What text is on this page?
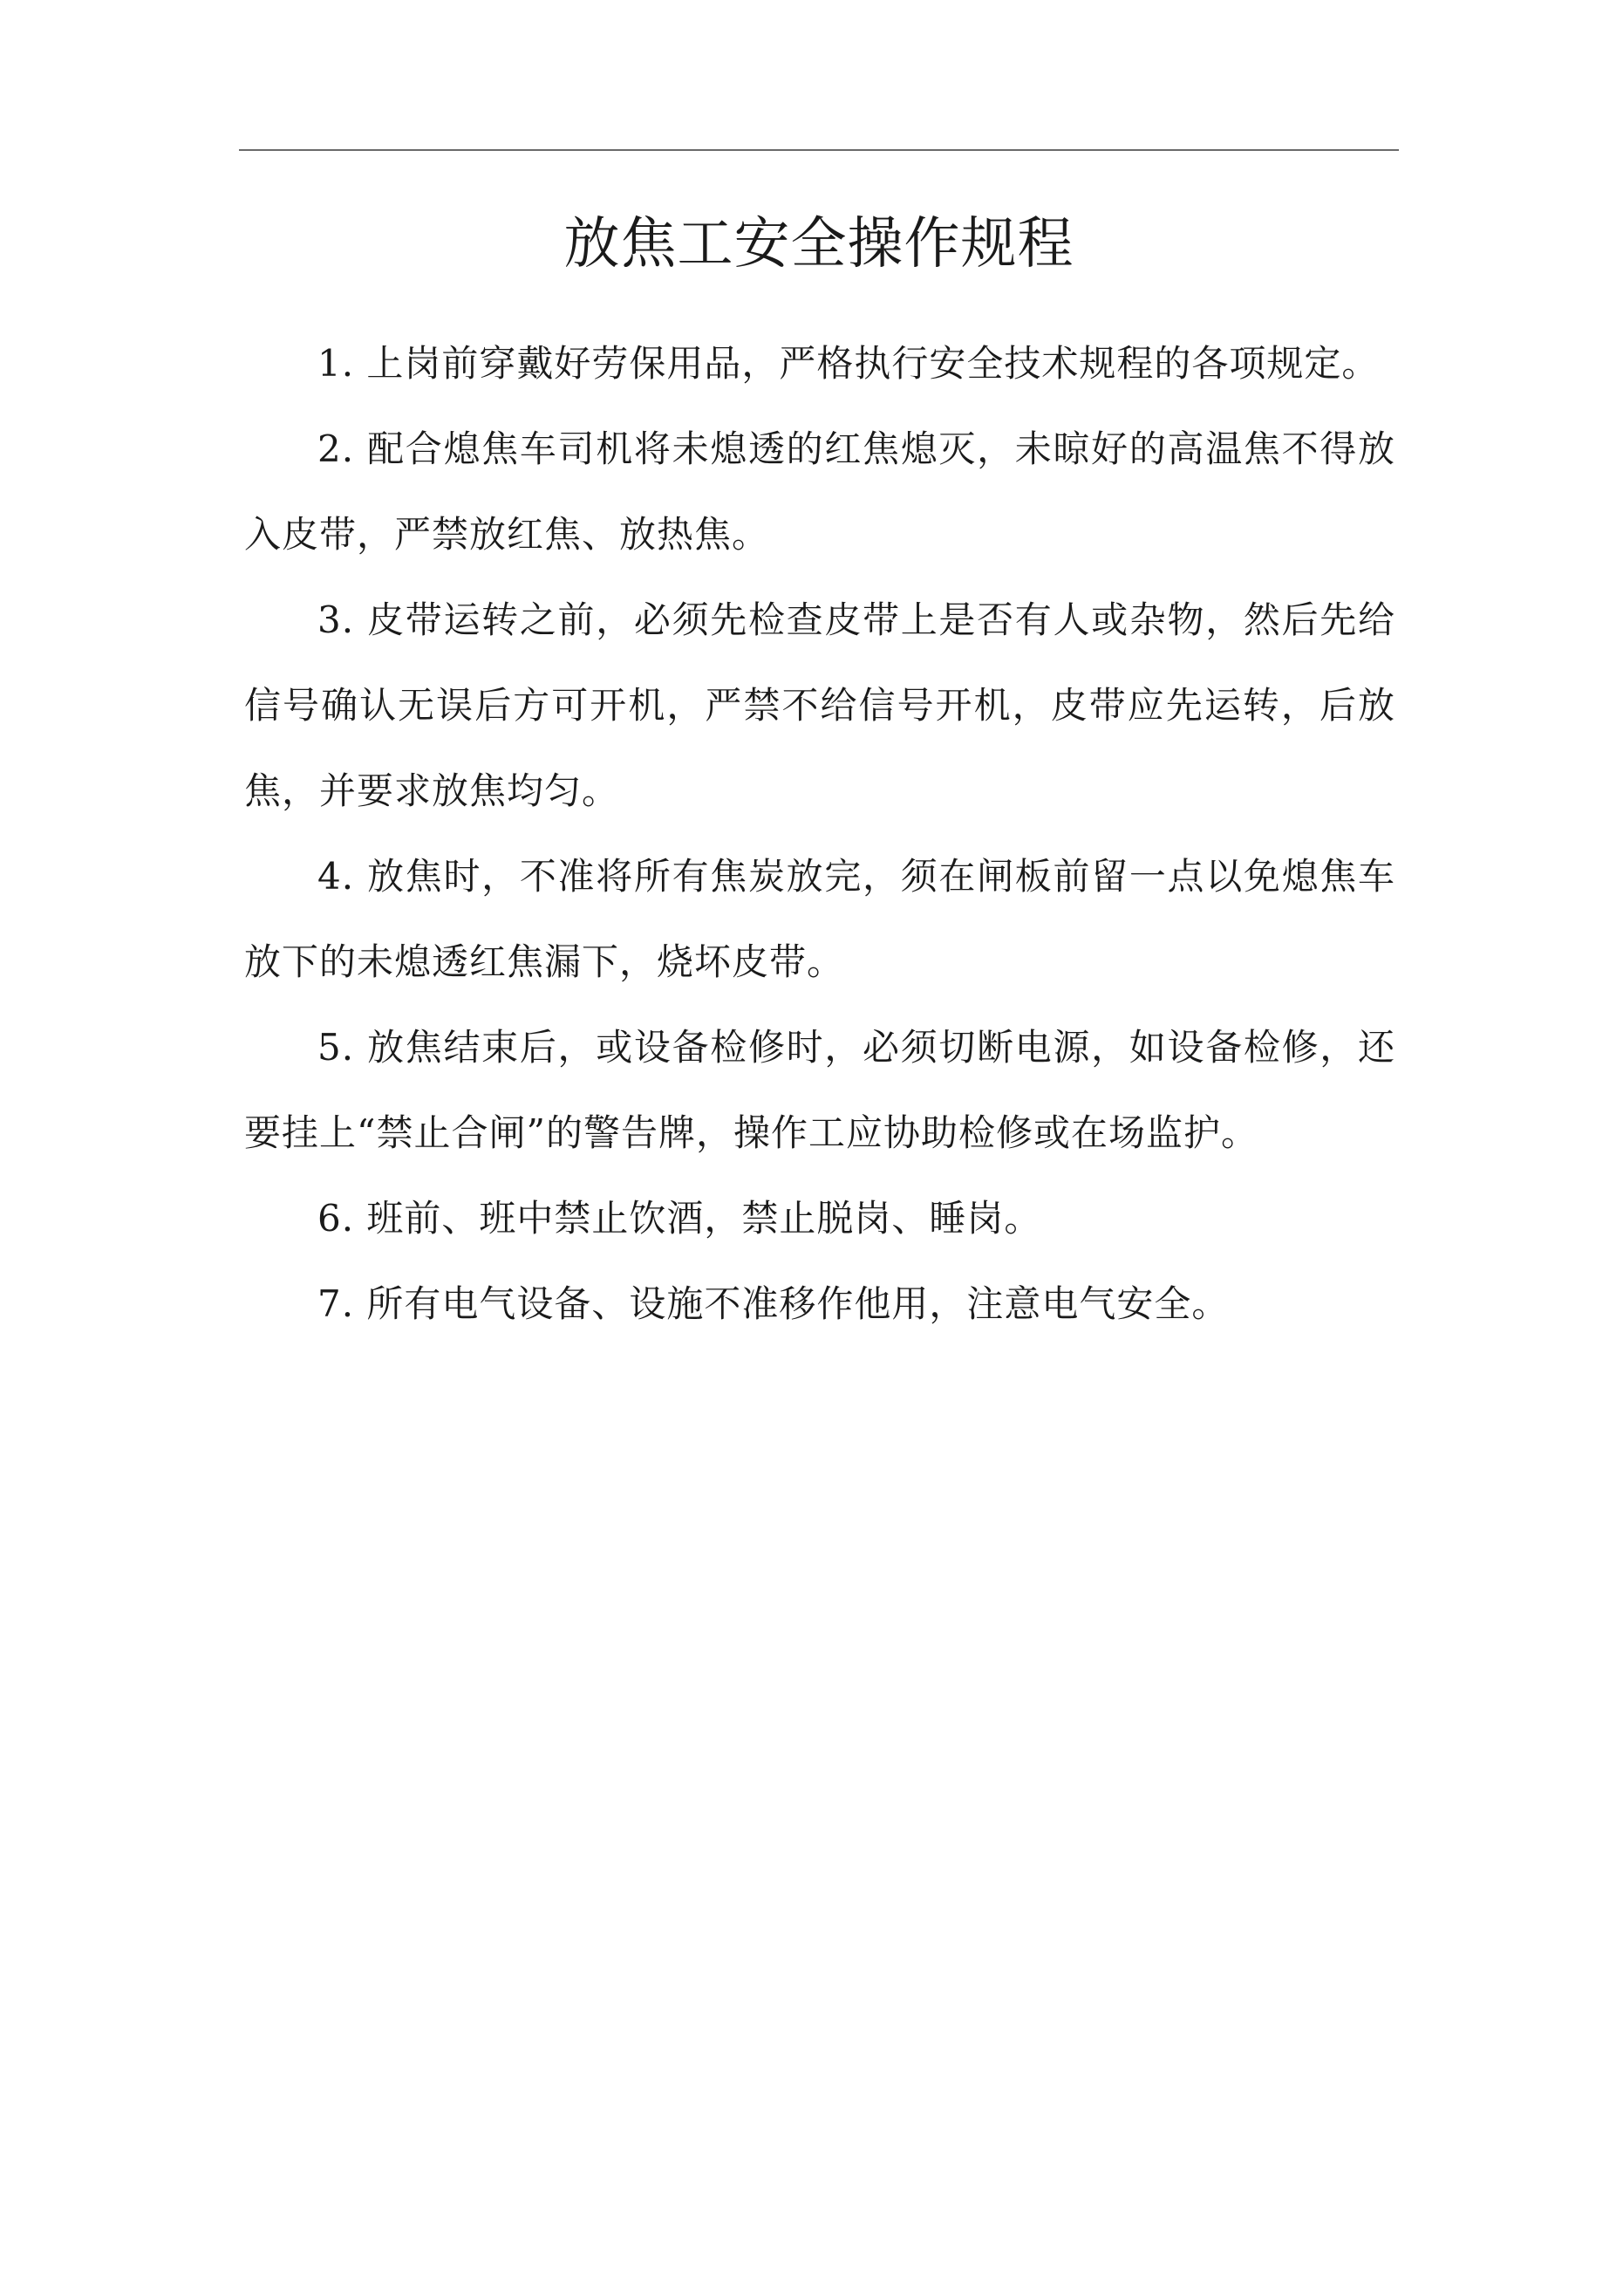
放焦工安全操作规程

1. 上岗前穿戴好劳保用品，严格执行安全技术规程的各项规定。

2. 配合熄焦车司机将未熄透的红焦熄灭，未晾好的高温焦不得放入皮带，严禁放红焦、放热焦。

3. 皮带运转之前，必须先检查皮带上是否有人或杂物，然后先给信号确认无误后方可开机，严禁不给信号开机，皮带应先运转，后放焦，并要求放焦均匀。

4. 放焦时，不准将所有焦炭放完，须在闸板前留一点以免熄焦车放下的未熄透红焦漏下，烧坏皮带。

5. 放焦结束后，或设备检修时，必须切断电源，如设备检修，还要挂上“禁止合闸”的警告牌，操作工应协助检修或在场监护。

6. 班前、班中禁止饮酒，禁止脱岗、睡岗。

7. 所有电气设备、设施不准移作他用，注意电气安全。
